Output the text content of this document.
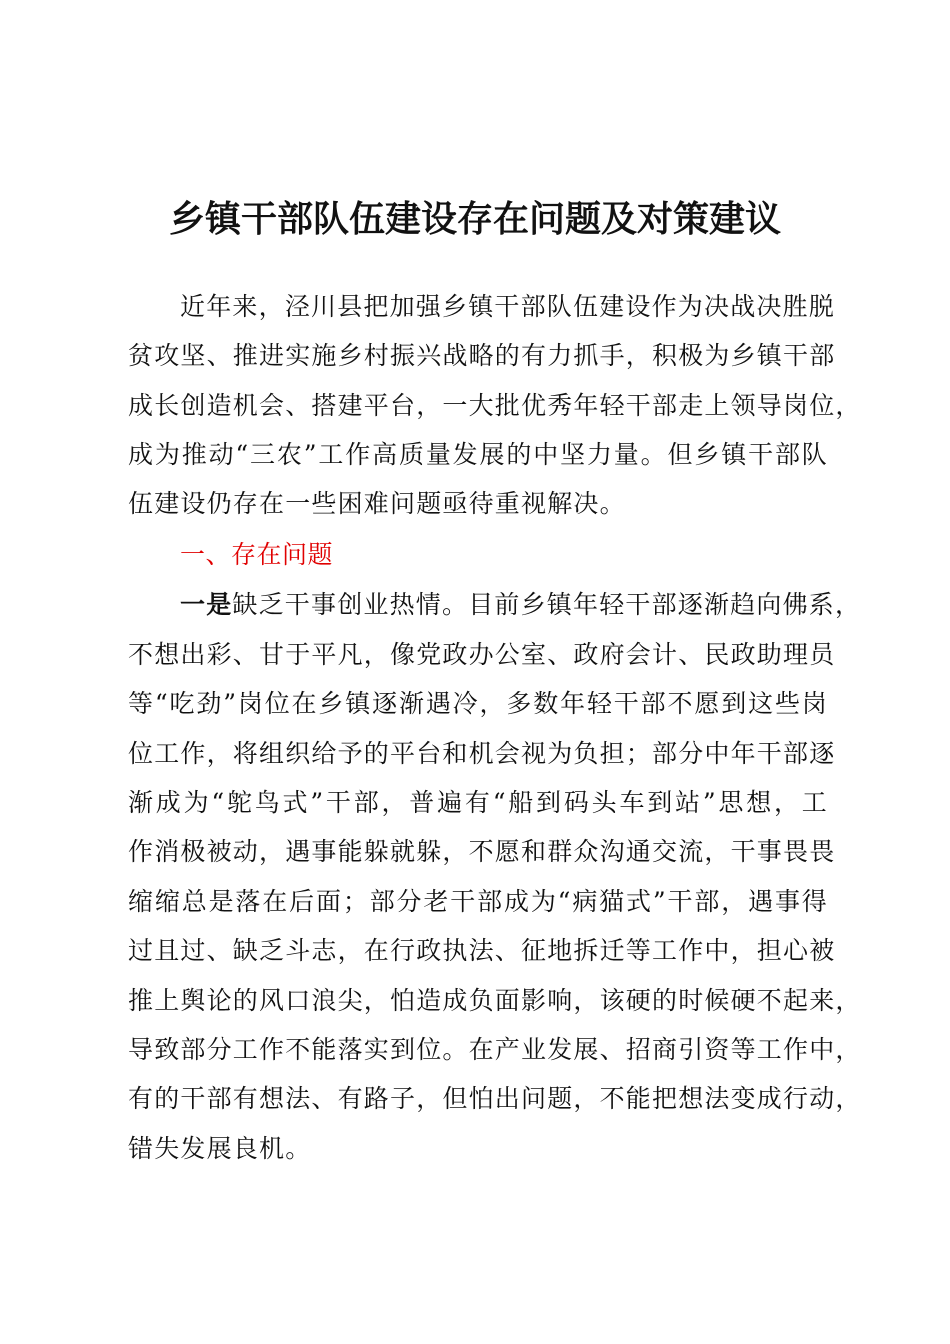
乡镇干部队伍建设存在问题及对策建议

近年来，泾川县把加强乡镇干部队伍建设作为决战决胜脱

贫攻坚、推进实施乡村振兴战略的有力抓手，积极为乡镇干部

成长创造机会、搭建平台，一大批优秀年轻干部走上领导岗位，

成为推动“三农”工作高质量发展的中坚力量。但乡镇干部队

伍建设仍存在一些困难问题亟待重视解决。

一、存在问题

一是缺乏干事创业热情。目前乡镇年轻干部逐渐趋向佛系，

不想出彩、甘于平凡，像党政办公室、政府会计、民政助理员

等“吃劲”岗位在乡镇逐渐遇冷，多数年轻干部不愿到这些岗

位工作，将组织给予的平台和机会视为负担；部分中年干部逐

渐成为“鸵鸟式”干部，普遍有“船到码头车到站”思想，工

作消极被动，遇事能躲就躲，不愿和群众沟通交流，干事畏畏

缩缩总是落在后面；部分老干部成为“病猫式”干部，遇事得

过且过、缺乏斗志，在行政执法、征地拆迁等工作中，担心被

推上舆论的风口浪尖，怕造成负面影响，该硬的时候硬不起来，

导致部分工作不能落实到位。在产业发展、招商引资等工作中，

有的干部有想法、有路子，但怕出问题，不能把想法变成行动，

错失发展良机。
